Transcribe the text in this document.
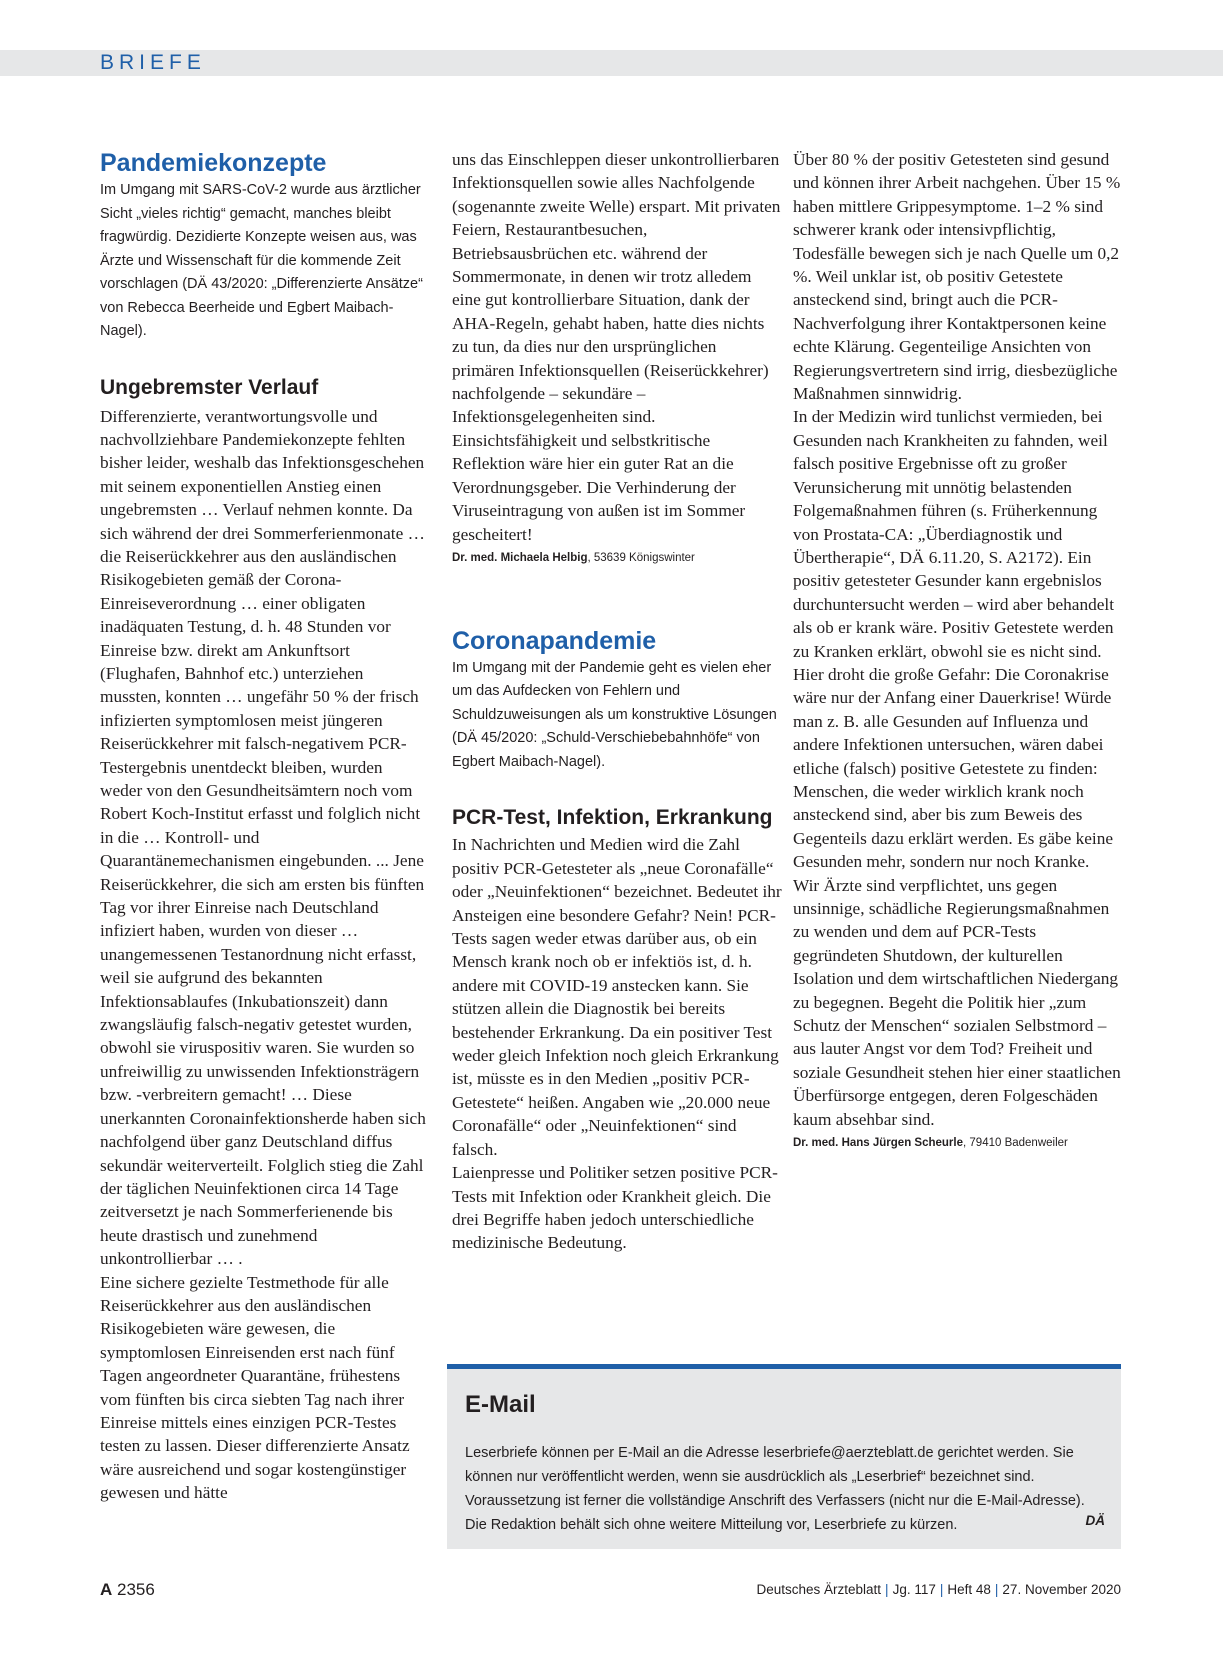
BRIEFE
Pandemiekonzepte

Im Umgang mit SARS-CoV-2 wurde aus ärztlicher Sicht „vieles richtig“ gemacht, manches bleibt fragwürdig. Dezidierte Konzepte weisen aus, was Ärzte und Wissenschaft für die kommende Zeit vorschlagen (DÄ 43/2020: „Differenzierte Ansätze“ von Rebecca Beerheide und Egbert Maibach-Nagel).

Ungebremster Verlauf

Differenzierte, verantwortungsvolle und nachvollziehbare Pandemiekonzepte fehlten bisher leider, weshalb das Infektionsgeschehen mit seinem exponentiellen Anstieg einen ungebremsten … Verlauf nehmen konnte. Da sich während der drei Sommerferienmonate … die Reiserückkehrer aus den ausländischen Risikogebieten gemäß der Corona-Einreiseverordnung … einer obligaten inadäquaten Testung, d. h. 48 Stunden vor Einreise bzw. direkt am Ankunftsort (Flughafen, Bahnhof etc.) unterziehen mussten, konnten … ungefähr 50 % der frisch infizierten symptomlosen meist jüngeren Reiserückkehrer mit falsch-negativem PCR-Testergebnis unentdeckt bleiben, wurden weder von den Gesundheitsämtern noch vom Robert Koch-Institut erfasst und folglich nicht in die … Kontroll- und Quarantänemechanismen eingebunden. ... Jene Reiserückkehrer, die sich am ersten bis fünften Tag vor ihrer Einreise nach Deutschland infiziert haben, wurden von dieser … unangemessenen Testanordnung nicht erfasst, weil sie aufgrund des bekannten Infektionsablaufes (Inkubationszeit) dann zwangsläufig falsch-negativ getestet wurden, obwohl sie viruspositiv waren. Sie wurden so unfreiwillig zu unwissenden Infektionsträgern bzw. -verbreitern gemacht! … Diese unerkannten Coronainfektionsherde haben sich nachfolgend über ganz Deutschland diffus sekundär weiterverteilt. Folglich stieg die Zahl der täglichen Neuinfektionen circa 14 Tage zeitversetzt je nach Sommerferienende bis heute drastisch und zunehmend unkontrollierbar … .

Eine sichere gezielte Testmethode für alle Reiserückkehrer aus den ausländischen Risikogebieten wäre gewesen, die symptomlosen Einreisenden erst nach fünf Tagen angeordneter Quarantäne, frühestens vom fünften bis circa siebten Tag nach ihrer Einreise mittels eines einzigen PCR-Testes testen zu lassen. Dieser differenzierte Ansatz wäre ausreichend und sogar kostengünstiger gewesen und hätte

uns das Einschleppen dieser unkontrollierbaren Infektionsquellen sowie alles Nachfolgende (sogenannte zweite Welle) erspart. Mit privaten Feiern, Restaurantbesuchen, Betriebsausbrüchen etc. während der Sommermonate, in denen wir trotz alledem eine gut kontrollierbare Situation, dank der AHA-Regeln, gehabt haben, hatte dies nichts zu tun, da dies nur den ursprünglichen primären Infektionsquellen (Reiserückkehrer) nachfolgende – sekundäre – Infektionsgelegenheiten sind. Einsichtsfähigkeit und selbstkritische Reflektion wäre hier ein guter Rat an die Verordnungsgeber. Die Verhinderung der Viruseintragung von außen ist im Sommer gescheitert!

Dr. med. Michaela Helbig, 53639 Königswinter

Coronapandemie

Im Umgang mit der Pandemie geht es vielen eher um das Aufdecken von Fehlern und Schuldzuweisungen als um konstruktive Lösungen (DÄ 45/2020: „Schuld-Verschiebebahnhöfe“ von Egbert Maibach-Nagel).

PCR-Test, Infektion, Erkrankung

In Nachrichten und Medien wird die Zahl positiv PCR-Getesteter als „neue Coronafälle“ oder „Neuinfektionen“ bezeichnet. Bedeutet ihr Ansteigen eine besondere Gefahr? Nein! PCR-Tests sagen weder etwas darüber aus, ob ein Mensch krank noch ob er infektiös ist, d. h. andere mit COVID-19 anstecken kann. Sie stützen allein die Diagnostik bei bereits bestehender Erkrankung. Da ein positiver Test weder gleich Infektion noch gleich Erkrankung ist, müsste es in den Medien „positiv PCR-Getestete“ heißen. Angaben wie „20.000 neue Coronafälle“ oder „Neuinfektionen“ sind falsch.

Laienpresse und Politiker setzen positive PCR-Tests mit Infektion oder Krankheit gleich. Die drei Begriffe haben jedoch unterschiedliche medizinische Bedeutung.

Über 80 % der positiv Getesteten sind gesund und können ihrer Arbeit nachgehen. Über 15 % haben mittlere Grippesymptome. 1–2 % sind schwerer krank oder intensivpflichtig, Todesfälle bewegen sich je nach Quelle um 0,2 %. Weil unklar ist, ob positiv Getestete ansteckend sind, bringt auch die PCR-Nachverfolgung ihrer Kontaktpersonen keine echte Klärung. Gegenteilige Ansichten von Regierungsvertretern sind irrig, diesbezügliche Maßnahmen sinnwidrig.

In der Medizin wird tunlichst vermieden, bei Gesunden nach Krankheiten zu fahnden, weil falsch positive Ergebnisse oft zu großer Verunsicherung mit unnötig belastenden Folgemaßnahmen führen (s. Früherkennung von Prostata-CA: „Überdiagnostik und Übertherapie“, DÄ 6.11.20, S. A2172). Ein positiv getesteter Gesunder kann ergebnislos durchuntersucht werden – wird aber behandelt als ob er krank wäre. Positiv Getestete werden zu Kranken erklärt, obwohl sie es nicht sind.

Hier droht die große Gefahr: Die Coronakrise wäre nur der Anfang einer Dauerkrise! Würde man z. B. alle Gesunden auf Influenza und andere Infektionen untersuchen, wären dabei etliche (falsch) positive Getestete zu finden: Menschen, die weder wirklich krank noch ansteckend sind, aber bis zum Beweis des Gegenteils dazu erklärt werden. Es gäbe keine Gesunden mehr, sondern nur noch Kranke.

Wir Ärzte sind verpflichtet, uns gegen unsinnige, schädliche Regierungsmaßnahmen zu wenden und dem auf PCR-Tests gegründeten Shutdown, der kulturellen Isolation und dem wirtschaftlichen Niedergang zu begegnen. Begeht die Politik hier „zum Schutz der Menschen“ sozialen Selbstmord – aus lauter Angst vor dem Tod? Freiheit und soziale Gesundheit stehen hier einer staatlichen Überfürsorge entgegen, deren Folgeschäden kaum absehbar sind.

Dr. med. Hans Jürgen Scheurle, 79410 Badenweiler

E-Mail
Leserbriefe können per E-Mail an die Adresse leserbriefe@aerzteblatt.de gerichtet werden. Sie können nur veröffentlicht werden, wenn sie ausdrücklich als „Leserbrief“ bezeichnet sind. Voraussetzung ist ferner die vollständige Anschrift des Verfassers (nicht nur die E-Mail-Adresse). Die Redaktion behält sich ohne weitere Mitteilung vor, Leserbriefe zu kürzen.	DÄ
A 2356	Deutsches Ärzteblatt | Jg. 117 | Heft 48 | 27. November 2020
